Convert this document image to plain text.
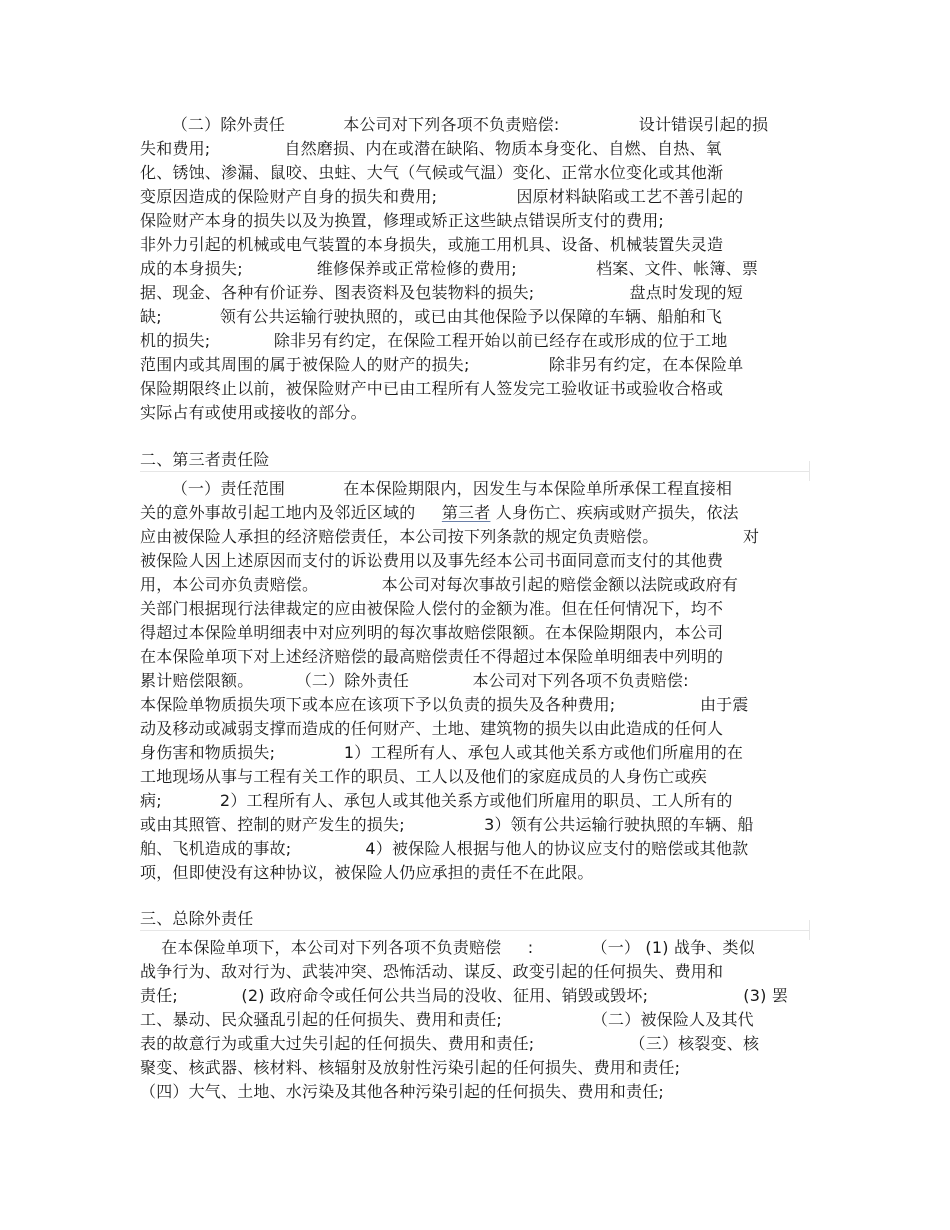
（二）除外责任           本公司对下列各项不负责赔偿:               设计错误引起的损
失和费用;              自然磨损、内在或潜在缺陷、物质本身变化、自燃、自热、氧
化、锈蚀、渗漏、鼠咬、虫蛀、大气（气候或气温）变化、正常水位变化或其他渐
变原因造成的保险财产自身的损失和费用;               因原材料缺陷或工艺不善引起的
保险财产本身的损失以及为换置，修理或矫正这些缺点错误所支付的费用;
非外力引起的机械或电气装置的本身损失，或施工用机具、设备、机械装置失灵造
成的本身损失;              维修保养或正常检修的费用;               档案、文件、帐簿、票
据、现金、各种有价证券、图表资料及包装物料的损失;                  盘点时发现的短
缺;           领有公共运输行驶执照的，或已由其他保险予以保障的车辆、船舶和飞
机的损失;            除非另有约定，在保险工程开始以前已经存在或形成的位于工地
范围内或其周围的属于被保险人的财产的损失;               除非另有约定，在本保险单
保险期限终止以前，被保险财产中已由工程所有人签发完工验收证书或验收合格或
实际占有或使用或接收的部分。
二、第三者责任险
（一）责任范围           在本保险期限内，因发生与本保险单所承保工程直接相
关的意外事故引起工地内及邻近区域的     第三者 人身伤亡、疾病或财产损失，依法
应由被保险人承担的经济赔偿责任，本公司按下列条款的规定负责赔偿。                对
被保险人因上述原因而支付的诉讼费用以及事先经本公司书面同意而支付的其他费
用，本公司亦负责赔偿。            本公司对每次事故引起的赔偿金额以法院或政府有
关部门根据现行法律裁定的应由被保险人偿付的金额为准。但在任何情况下，均不
得超过本保险单明细表中对应列明的每次事故赔偿限额。在本保险期限内，本公司
在本保险单项下对上述经济赔偿的最高赔偿责任不得超过本保险单明细表中列明的
累计赔偿限额。        （二）除外责任            本公司对下列各项不负责赔偿:
本保险单物质损失项下或本应在该项下予以负责的损失及各种费用;                由于震
动及移动或减弱支撑而造成的任何财产、土地、建筑物的损失以由此造成的任何人
身伤害和物质损失;             1）工程所有人、承包人或其他关系方或他们所雇用的在
工地现场从事与工程有关工作的职员、工人以及他们的家庭成员的人身伤亡或疾
病;           2）工程所有人、承包人或其他关系方或他们所雇用的职员、工人所有的
或由其照管、控制的财产发生的损失;               3）领有公共运输行驶执照的车辆、船
舶、飞机造成的事故;              4）被保险人根据与他人的协议应支付的赔偿或其他款
项，但即使没有这种协议，被保险人仍应承担的责任不在此限。
三、总除外责任
在本保险单项下，本公司对下列各项不负责赔偿     :           （一） (1) 战争、类似
战争行为、敌对行为、武装冲突、恐怖活动、谋反、政变引起的任何损失、费用和
责任;            (2) 政府命令或任何公共当局的没收、征用、销毁或毁坏;                  (3) 罢
工、暴动、民众骚乱引起的任何损失、费用和责任;                 （二）被保险人及其代
表的故意行为或重大过失引起的任何损失、费用和责任;                  （三）核裂变、核
聚变、核武器、核材料、核辐射及放射性污染引起的任何损失、费用和责任;
（四）大气、土地、水污染及其他各种污染引起的任何损失、费用和责任;
